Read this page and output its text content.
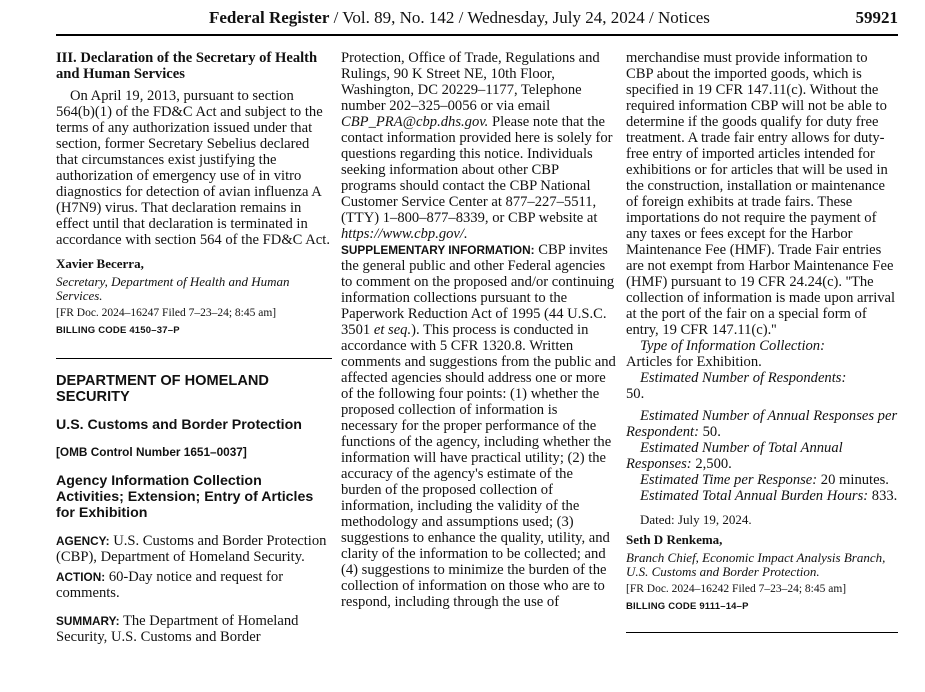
Federal Register / Vol. 89, No. 142 / Wednesday, July 24, 2024 / Notices	59921

III. Declaration of the Secretary of Health and Human Services

On April 19, 2013, pursuant to section 564(b)(1) of the FD&C Act and subject to the terms of any authorization issued under that section, former Secretary Sebelius declared that circumstances exist justifying the authorization of emergency use of in vitro diagnostics for detection of avian influenza A (H7N9) virus. That declaration remains in effect until that declaration is terminated in accordance with section 564 of the FD&C Act.

Xavier Becerra,

Secretary, Department of Health and Human Services.

[FR Doc. 2024–16247 Filed 7–23–24; 8:45 am]

BILLING CODE 4150–37–P

DEPARTMENT OF HOMELAND SECURITY

U.S. Customs and Border Protection

[OMB Control Number 1651–0037]

Agency Information Collection Activities; Extension; Entry of Articles for Exhibition

AGENCY: U.S. Customs and Border Protection (CBP), Department of Homeland Security.

ACTION: 60-Day notice and request for comments.

SUMMARY: The Department of Homeland Security, U.S. Customs and Border

Protection, Office of Trade, Regulations and Rulings, 90 K Street NE, 10th Floor, Washington, DC 20229–1177, Telephone number 202–325–0056 or via email CBP_PRA@cbp.dhs.gov. Please note that the contact information provided here is solely for questions regarding this notice. Individuals seeking information about other CBP programs should contact the CBP National Customer Service Center at 877–227–5511, (TTY) 1–800–877–8339, or CBP website at https://www.cbp.gov/.

SUPPLEMENTARY INFORMATION: CBP invites the general public and other Federal agencies to comment on the proposed and/or continuing information collections pursuant to the Paperwork Reduction Act of 1995 (44 U.S.C. 3501 et seq.). This process is conducted in accordance with 5 CFR 1320.8. Written comments and suggestions from the public and affected agencies should address one or more of the following four points: (1) whether the proposed collection of information is necessary for the proper performance of the functions of the agency, including whether the information will have practical utility; (2) the accuracy of the agency's estimate of the burden of the proposed collection of information, including the validity of the methodology and assumptions used; (3) suggestions to enhance the quality, utility, and clarity of the information to be collected; and (4) suggestions to minimize the burden of the collection of information on those who are to respond, including through the use of

merchandise must provide information to CBP about the imported goods, which is specified in 19 CFR 147.11(c). Without the required information CBP will not be able to determine if the goods qualify for duty free treatment. A trade fair entry allows for duty-free entry of imported articles intended for exhibitions or for articles that will be used in the construction, installation or maintenance of foreign exhibits at trade fairs. These importations do not require the payment of any taxes or fees except for the Harbor Maintenance Fee (HMF). Trade Fair entries are not exempt from Harbor Maintenance Fee (HMF) pursuant to 19 CFR 24.24(c). ''The collection of information is made upon arrival at the port of the fair on a special form of entry, 19 CFR 147.11(c).''

Type of Information Collection:
Articles for Exhibition.

Estimated Number of Respondents:
50.

Estimated Number of Annual Responses per Respondent: 50.

Estimated Number of Total Annual Responses: 2,500.

Estimated Time per Response: 20 minutes.

Estimated Total Annual Burden Hours: 833.

Dated: July 19, 2024.

Seth D Renkema,

Branch Chief, Economic Impact Analysis Branch, U.S. Customs and Border Protection.

[FR Doc. 2024–16242 Filed 7–23–24; 8:45 am]

BILLING CODE 9111–14–P
